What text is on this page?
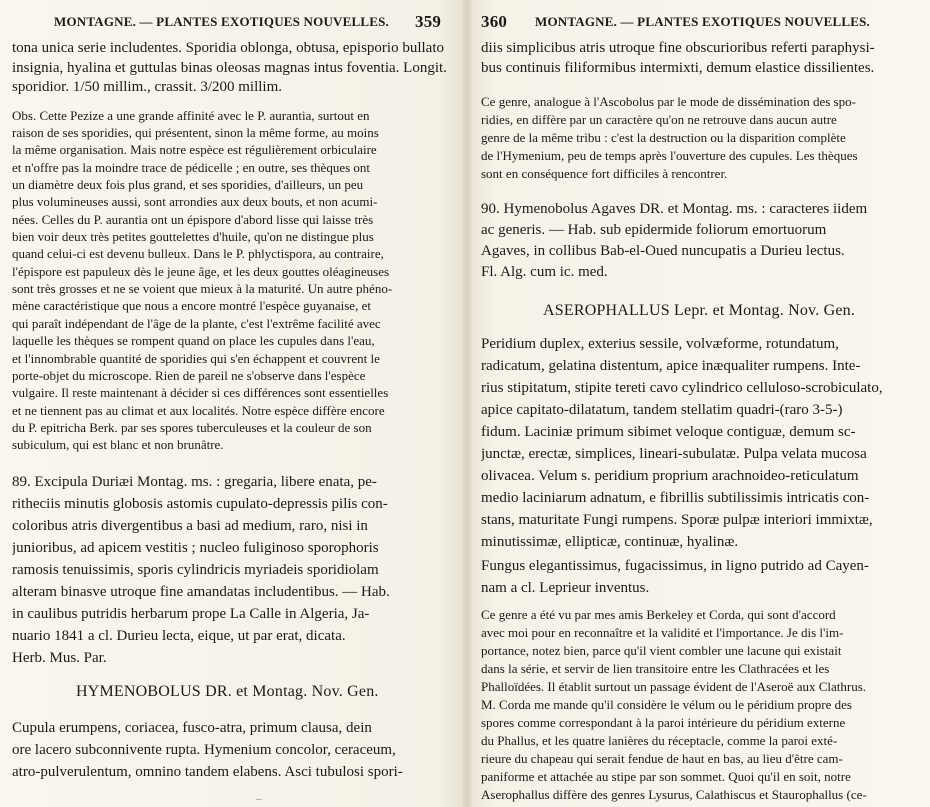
MONTAGNE. — PLANTES EXOTIQUES NOUVELLES. 359
tona unica serie includentes. Sporidia oblonga, obtusa, episporio bullato
insignia, hyalina et guttulas binas oleosas magnas intus foventia. Longit.
sporidior. 1/50 millim., crassit. 3/200 millim.
Obs. Cette Pezize a une grande affinité avec le P. aurantia, surtout en
raison de ses sporidies, qui présentent, sinon la même forme, au moins
la même organisation. Mais notre espèce est régulièrement orbiculaire
et n'offre pas la moindre trace de pédicelle ; en outre, ses thèques ont
un diamètre deux fois plus grand, et ses sporidies, d'ailleurs, un peu
plus volumineuses aussi, sont arrondies aux deux bouts, et non acumi-
nées. Celles du P. aurantia ont un épispore d'abord lisse qui laisse très
bien voir deux très petites gouttelettes d'huile, qu'on ne distingue plus
quand celui-ci est devenu bulleux. Dans le P. phlyctispora, au contraire,
l'épispore est papuleux dès le jeune âge, et les deux gouttes oléagineuses
sont très grosses et ne se voient que mieux à la maturité. Un autre phéno-
mène caractéristique que nous a encore montré l'espèce guyanaise, et
qui paraît indépendant de l'âge de la plante, c'est l'extrême facilité avec
laquelle les thèques se rompent quand on place les cupules dans l'eau,
et l'innombrable quantité de sporidies qui s'en échappent et couvrent le
porte-objet du microscope. Rien de pareil ne s'observe dans l'espèce
vulgaire. Il reste maintenant à décider si ces différences sont essentielles
et ne tiennent pas au climat et aux localités. Notre espèce diffère encore
du P. epitricha Berk. par ses spores tuberculeuses et la couleur de son
subiculum, qui est blanc et non brunâtre.
89. Excipula Duriæi Montag. ms. : gregaria, libere enata, pe-
ritheciis minutis globosis astomis cupulato-depressis pilis con-
coloribus atris divergentibus a basi ad medium, raro, nisi in
junioribus, ad apicem vestitis ; nucleo fuliginoso sporophoris
ramosis tenuissimis, sporis cylindricis myriadeis sporidiolam
alteram binasve utroque fine amandatas includentibus. — Hab.
in caulibus putridis herbarum prope La Calle in Algeria, Ja-
nuario 1841 a cl. Durieu lecta, eique, ut par erat, dicata.
Herb. Mus. Par.
HYMENOBOLUS DR. et Montag. Nov. Gen.
Cupula erumpens, coriacea, fusco-atra, primum clausa, dein
ore lacero subconnivente rupta. Hymenium concolor, ceraceum,
atro-pulverulentum, omnino tandem elabens. Asci tubulosi spori-
360 MONTAGNE. — PLANTES EXOTIQUES NOUVELLES.
diis simplicibus atris utroque fine obscurioribus referti paraphysi-
bus continuis filiformibus intermixti, demum elastice dissilientes.
Ce genre, analogue à l'Ascobolus par le mode de dissémination des spo-
ridies, en diffère par un caractère qu'on ne retrouve dans aucun autre
genre de la même tribu : c'est la destruction ou la disparition complète
de l'Hymenium, peu de temps après l'ouverture des cupules. Les thèques
sont en conséquence fort difficiles à rencontrer.
90. Hymenobolus Agaves DR. et Montag. ms. : caracteres iidem
ac generis. — Hab. sub epidermide foliorum emortuorum
Agaves, in collibus Bab-el-Oued nuncupatis a Durieu lectus.
Fl. Alg. cum ic. med.
ASEROPHALLUS Lepr. et Montag. Nov. Gen.
Peridium duplex, exterius sessile, volvæforme, rotundatum,
radicatum, gelatina distentum, apice inæqualiter rumpens. Inte-
rius stipitatum, stipite tereti cavo cylindrico celluloso-scrobiculato,
apice capitato-dilatatum, tandem stellatim quadri-(raro 3-5-)
fidum. Laciniæ primum sibimet veloque contiguæ, demum sc-
junctæ, erectæ, simplices, lineari-subulatæ. Pulpa velata mucosa
olivacea. Velum s. peridium proprium arachnoideo-reticulatum
medio laciniarum adnatum, e fibrillis subtilissimis intricatis con-
stans, maturitate Fungi rumpens. Sporæ pulpæ interiori immixtæ,
minutissimæ, ellipticæ, continuæ, hyalinæ.
Fungus elegantissimus, fugacissimus, in ligno putrido ad Cayen-
nam a cl. Leprieur inventus.
Ce genre a été vu par mes amis Berkeley et Corda, qui sont d'accord
avec moi pour en reconnaître et la validité et l'importance. Je dis l'im-
portance, notez bien, parce qu'il vient combler une lacune qui existait
dans la série, et servir de lien transitoire entre les Clathracées et les
Phalloïdées. Il établit surtout un passage évident de l'Aseroë aux Clathrus.
M. Corda me mande qu'il considère le vélum ou le péridium propre des
spores comme correspondant à la paroi intérieure du péridium externe
du Phallus, et les quatre lanières du réceptacle, comme la paroi exté-
rieure du chapeau qui serait fendue de haut en bas, au lieu d'être cam-
paniforme et attachée au stipe par son sommet. Quoi qu'il en soit, notre
Aserophallus diffère des genres Lysurus, Calathiscus et Staurophallus (ce-
